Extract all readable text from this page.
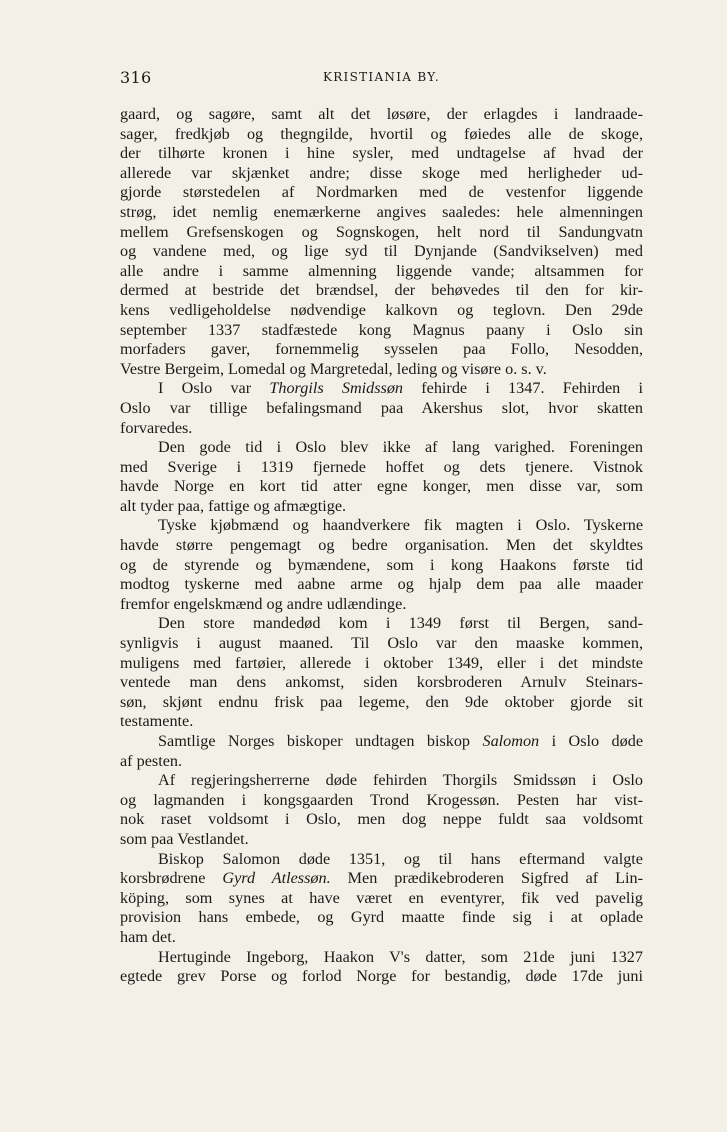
316	KRISTIANIA BY.
gaard, og sagøre, samt alt det løsøre, der erlagdes i landraade-
sager, fredkjøb og thegngilde, hvortil og føiedes alle de skoge,
der tilhørte kronen i hine sysler, med undtagelse af hvad der
allerede var skjænket andre; disse skoge med herligheder ud-
gjorde størstedelen af Nordmarken med de vestenfor liggende
strøg, idet nemlig enemærkerne angives saaledes: hele almenningen
mellem Grefsenskogen og Sognskogen, helt nord til Sandungvatn
og vandene med, og lige syd til Dynjande (Sandvikselven) med
alle andre i samme almenning liggende vande; altsammen for
dermed at bestride det brændsel, der behøvedes til den for kir-
kens vedligeholdelse nødvendige kalkovn og teglovn. Den 29de
september 1337 stadfæstede kong Magnus paany i Oslo sin
morfaders gaver, fornemmelig sysselen paa Follo, Nesodden,
Vestre Bergeim, Lomedal og Margretedal, leding og visøre o. s. v.
I Oslo var Thorgils Smidssøn fehirde i 1347. Fehirden i
Oslo var tillige befalingsmand paa Akershus slot, hvor skatten
forvaredes.
Den gode tid i Oslo blev ikke af lang varighed. Foreningen
med Sverige i 1319 fjernede hoffet og dets tjenere. Vistnok
havde Norge en kort tid atter egne konger, men disse var, som
alt tyder paa, fattige og afmægtige.
Tyske kjøbmænd og haandverkere fik magten i Oslo. Tyskerne
havde større pengemagt og bedre organisation. Men det skyldtes
og de styrende og bymændene, som i kong Haakons første tid
modtog tyskerne med aabne arme og hjalp dem paa alle maader
fremfor engelskmænd og andre udlændinge.
Den store mandedød kom i 1349 først til Bergen, sand-
synligvis i august maaned. Til Oslo var den maaske kommen,
muligens med fartøier, allerede i oktober 1349, eller i det mindste
ventede man dens ankomst, siden korsbroderen Arnulv Steinars-
søn, skjønt endnu frisk paa legeme, den 9de oktober gjorde sit
testamente.
Samtlige Norges biskoper undtagen biskop Salomon i Oslo døde
af pesten.
Af regjeringsherrerne døde fehirden Thorgils Smidssøn i Oslo
og lagmanden i kongsgaarden Trond Krogessøn. Pesten har vist-
nok raset voldsomt i Oslo, men dog neppe fuldt saa voldsomt
som paa Vestlandet.
Biskop Salomon døde 1351, og til hans eftermand valgte
korsbrødrene Gyrd Atlessøn. Men prædikebroderen Sigfred af Lin-
köping, som synes at have været en eventyrer, fik ved pavelig
provision hans embede, og Gyrd maatte finde sig i at oplade
ham det.
Hertuginde Ingeborg, Haakon V's datter, som 21de juni 1327
egtede grev Porse og forlod Norge for bestandig, døde 17de juni
